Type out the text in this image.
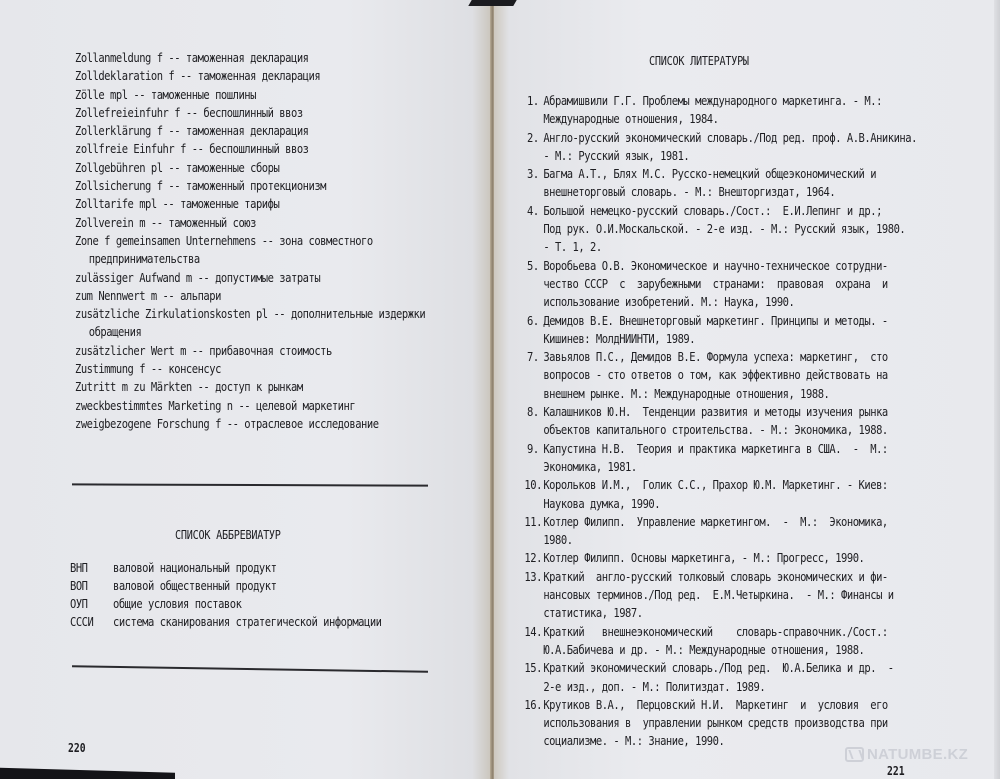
Zollanmeldung f -- таможенная декларация
Zolldeklaration f -- таможенная декларация
Zölle mpl -- таможенные пошлины
Zollefreieinfuhr f -- беспошлинный ввоз
Zollerklärung f -- таможенная декларация
zollfreie Einfuhr f -- беспошлинный ввоз
Zollgebühren pl -- таможенные сборы
Zollsicherung f -- таможенный протекционизм
Zolltarife mpl -- таможенные тарифы
Zollverein m -- таможенный союз
Zone f gemeinsamen Unternehmens -- зона совместного
предпринимательства
zulässiger Aufwand m -- допустимые затраты
zum Nennwert m -- альпари
zusätzliche Zirkulationskosten pl -- дополнительные издержки
обращения
zusätzlicher Wert m -- прибавочная стоимость
Zustimmung f -- консенсус
Zutritt m zu Märkten -- доступ к рынкам
zweckbestimmtes Marketing n -- целевой маркетинг
zweigbezogene Forschung f -- отраслевое исследование
СПИСОК АББРЕВИАТУР
ВНП валовой национальный продукт
ВОП валовой общественный продукт
ОУП общие условия поставок
ССCИ система сканирования стратегической информации
220
СПИСОК ЛИТЕРАТУРЫ
1. Абрамишвили Г.Г. Проблемы международного маркетинга. - М.:
Международные отношения, 1984.
2. Англо-русский экономический словарь./Под ред. проф. А.В.Аникина.
- М.: Русский язык, 1981.
3. Багма А.Т., Блях М.С. Русско-немецкий общеэкономический и
внешнеторговый словарь. - М.: Внешторгиздат, 1964.
4. Большой немецко-русский словарь./Сост.:  Е.И.Лепинг и др.;
Под рук. О.И.Москальской. - 2-е изд. - М.: Русский язык, 1980.
- Т. 1, 2.
5. Воробьева О.В. Экономическое и научно-техническое сотрудни-
чество СССР  с  зарубежными  странами:  правовая  охрана  и
использование изобретений. М.: Наука, 1990.
6. Демидов В.Е. Внешнеторговый маркетинг. Принципы и методы. -
Кишинев: МолдНИИНТИ, 1989.
7. Завьялов П.С., Демидов В.Е. Формула успеха: маркетинг,  сто
вопросов - сто ответов о том, как эффективно действовать на
внешнем рынке. М.: Международные отношения, 1988.
8. Калашников Ю.Н.  Тенденции развития и методы изучения рынка
объектов капитального строительства. - М.: Экономика, 1988.
9. Капустина Н.В.  Теория и практика маркетинга в США.  -  М.:
Экономика, 1981.
10. Корольков И.М.,  Голик С.С., Прахор Ю.М. Маркетинг. - Киев:
Наукова думка, 1990.
11. Котлер Филипп.  Управление маркетингом.  -  М.:  Экономика,
1980.
12. Котлер Филипп. Основы маркетинга, - М.: Прогресс, 1990.
13. Краткий  англо-русский толковый словарь экономических и фи-
нансовых терминов./Под ред.  Е.М.Четыркина.  - М.: Финансы и
статистика, 1987.
14. Краткий   внешнеэкономический    словарь-справочник./Сост.:
Ю.А.Бабичева и др. - М.: Международные отношения, 1988.
15. Краткий экономический словарь./Под ред.  Ю.А.Белика и др.  -
2-е изд., доп. - М.: Политиздат. 1989.
16. Крутиков В.А.,  Перцовский Н.И.  Маркетинг  и  условия  его
использования в  управлении рынком средств производства при
социализме. - М.: Знание, 1990.
221
NATUMBE.KZ
